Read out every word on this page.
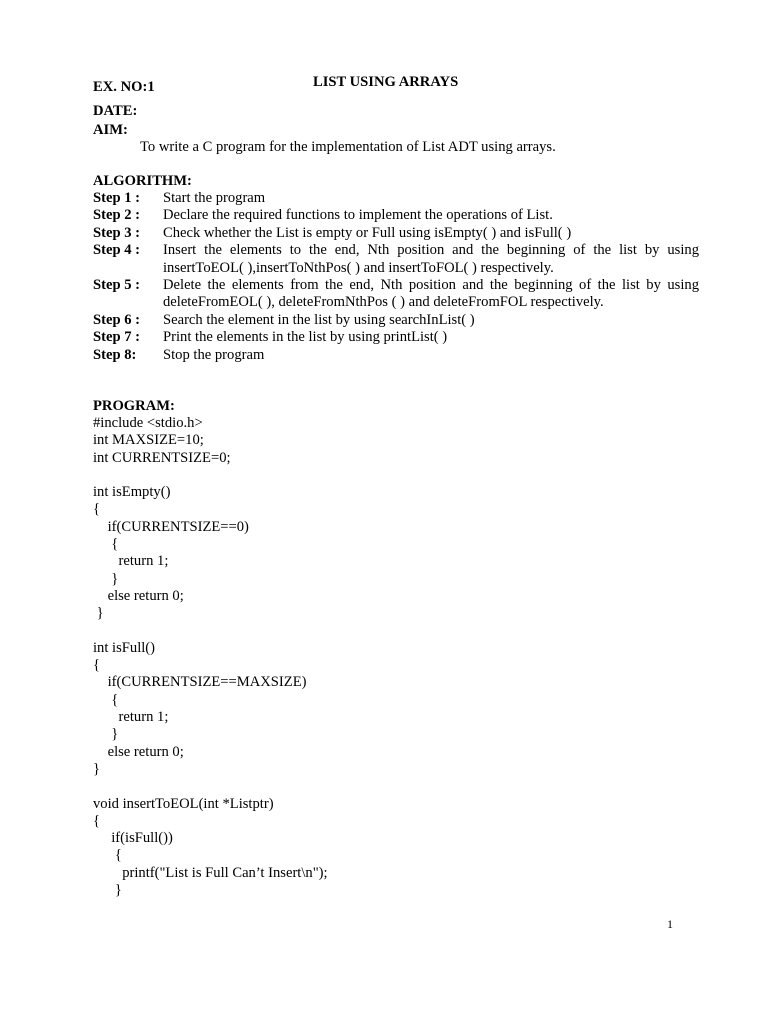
EX. NO:1	LIST USING ARRAYS
DATE:
AIM:
To write a C program for the implementation of List ADT using arrays.
ALGORITHM:
Step 1 :	Start the program
Step 2 :	Declare the required functions to implement the operations of List.
Step 3 :	Check whether the List is empty or Full using isEmpty( ) and isFull( )
Step 4 :	Insert the elements to the end, Nth position and the beginning of the list by using insertToEOL( ),insertToNthPos( ) and insertToFOL( ) respectively.
Step 5 :	Delete the elements from the end, Nth position and the beginning of the list by using deleteFromEOL( ), deleteFromNthPos ( ) and deleteFromFOL respectively.
Step 6 :	Search the element in the list by using searchInList( )
Step 7 :	Print the elements in the list by using printList( )
Step 8:	Stop the program
PROGRAM:
#include <stdio.h>
int MAXSIZE=10;
int CURRENTSIZE=0;
int isEmpty()
{
if(CURRENTSIZE==0)
{
return 1;
}
else return 0;
}
int isFull()
{
if(CURRENTSIZE==MAXSIZE)
{
return 1;
}
else return 0;
}
void insertToEOL(int *Listptr)
{
if(isFull())
{
printf("List is Full Can’t Insert\n");
}
1
